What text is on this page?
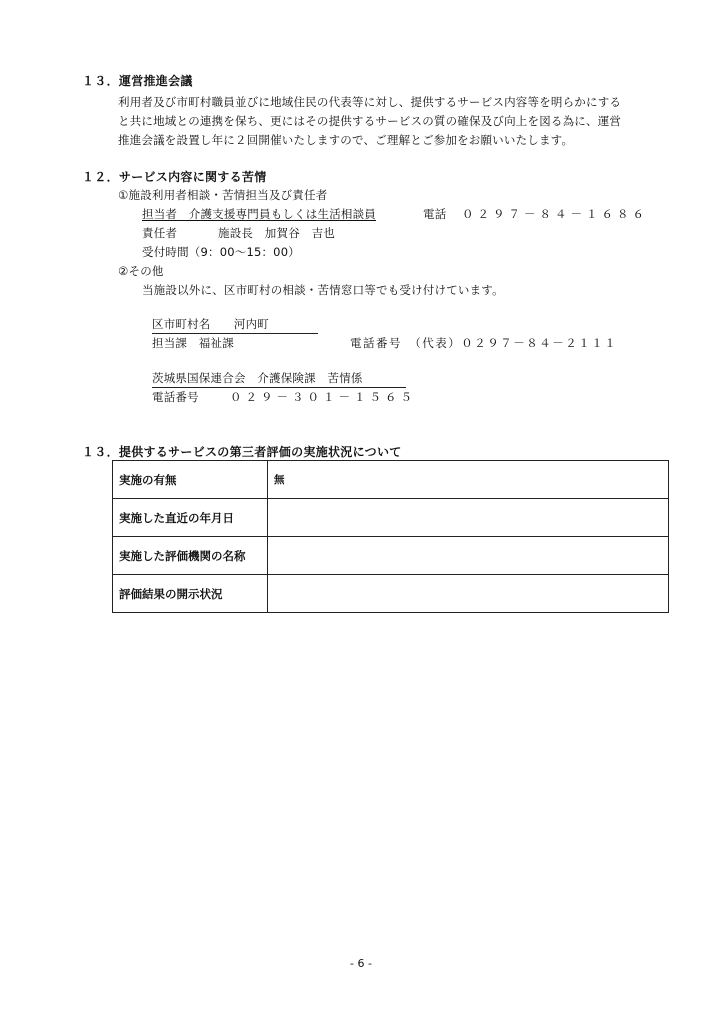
１３．運営推進会議
利用者及び市町村職員並びに地域住民の代表等に対し、提供するサービス内容等を明らかにする
と共に地域との連携を保ち、更にはその提供するサービスの質の確保及び向上を図る為に、運営
推進会議を設置し年に２回開催いたしますので、ご理解とご参加をお願いいたします。
１２．サービス内容に関する苦情
①施設利用者相談・苦情担当及び責任者
担当者　介護支援専門員もしくは生活相談員	電話 ０２９７－８４－１６８６
責任者	施設長　加賀谷　吉也
受付時間（9：00～15：00）
②その他
当施設以外に、区市町村の相談・苦情窓口等でも受け付けています。
区市町村名　　河内町
担当課　福祉課	電話番号　（代表）０２９７－８４－２１１１
茨城県国保連合会　介護保険課　苦情係
電話番号	０２９－３０１－１５６５
１３．提供するサービスの第三者評価の実施状況について
実施の有無	無
実施した直近の年月日	
実施した評価機関の名称	
評価結果の開示状況	
- 6 -
